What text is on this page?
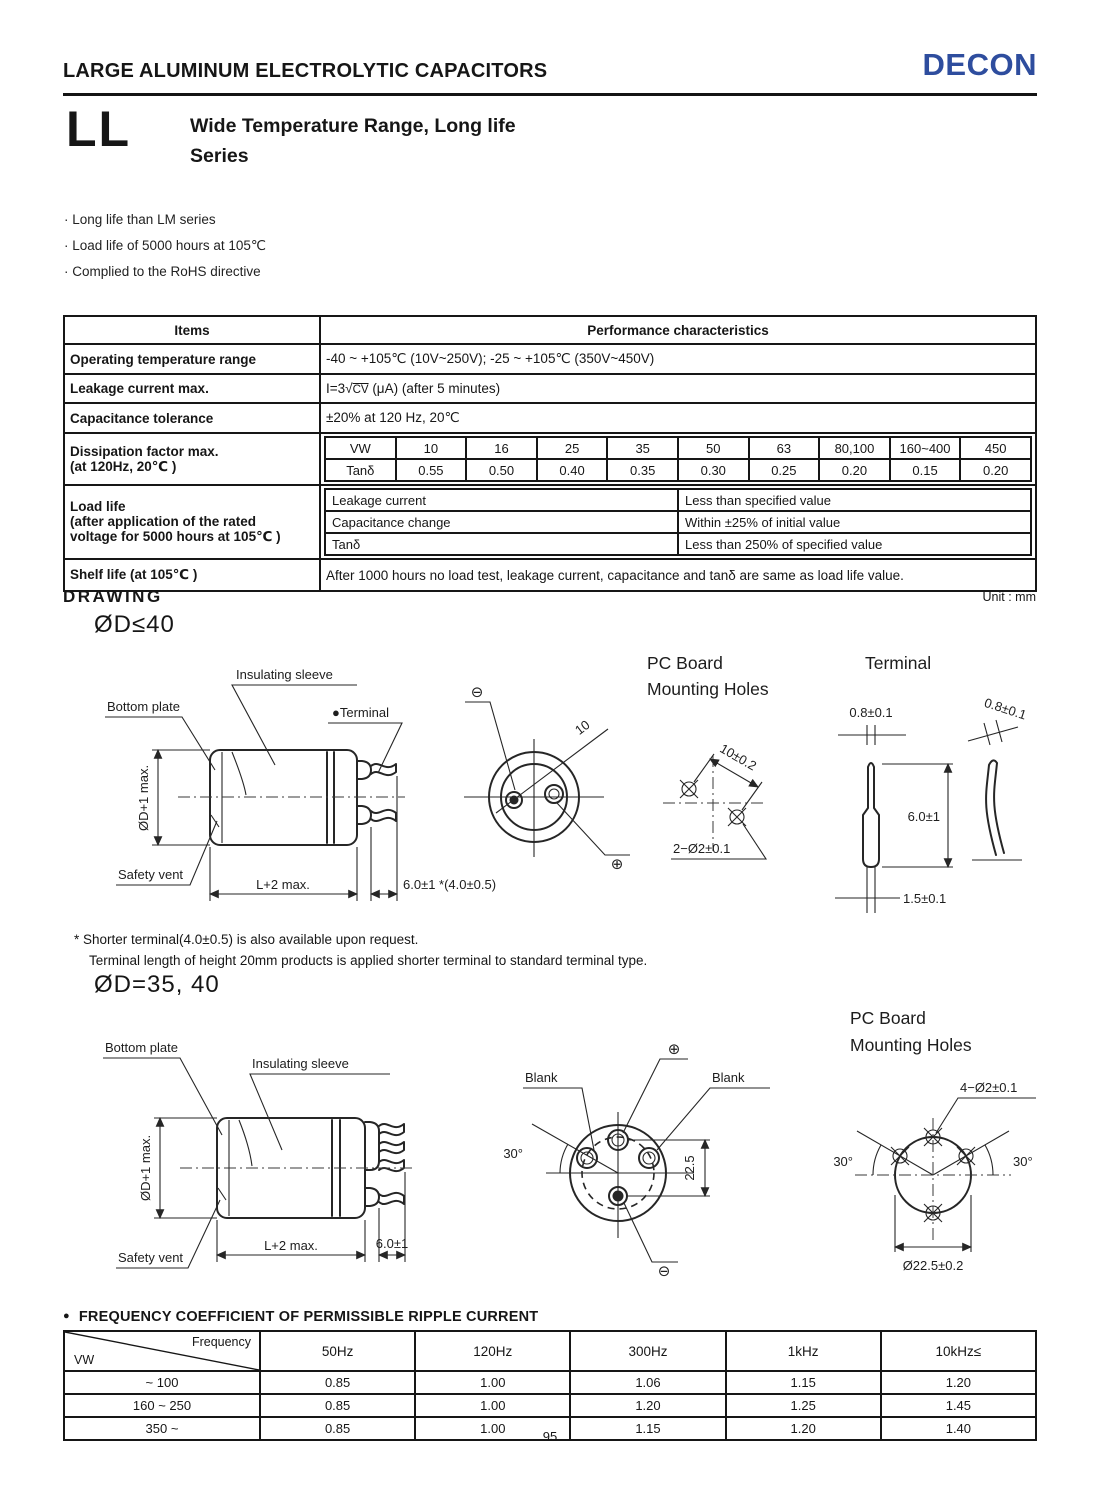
LARGE ALUMINUM ELECTROLYTIC CAPACITORS	DECON
LL	Wide Temperature Range, Long life
Series
· Long life than LM series
· Load life of 5000 hours at 105℃
· Complied to the RoHS directive
Items	Performance characteristics
Operating temperature range	-40 ~ +105℃ (10V~250V); -25 ~ +105℃ (350V~450V)
Leakage current max.	I=3√CV (μA) (after 5 minutes)
Capacitance tolerance	±20% at 120 Hz, 20℃

Dissipation factor max.
(at 120Hz, 20℃ )

VW	10	16	25	35	50	63	80,100	160~400	450
Tanδ	0.55	0.50	0.40	0.35	0.30	0.25	0.20	0.15	0.20

Load life
(after application of the rated
voltage for 5000 hours at 105℃ )

Leakage current	Less than specified value
Capacitance change	Within ±25% of initial value
Tanδ	Less than 250% of specified value

Shelf life (at 105℃ )	After 1000 hours no load test, leakage current, capacitance and tanδ are same as load life value.
DRAWING	Unit : mm
ØD≤40
ØD+1 max.
L+2 max.	6.0±1 *(4.0±0.5)
Insulating sleeve
Bottom plate	●Terminal
Safety vent
10
⊖
⊕
PC Board
Mounting Holes
10±0.2
2−Ø2±0.1
Terminal
0.8±0.1
6.0±1
1.5±0.1
0.8±0.1
* Shorter terminal(4.0±0.5) is also available upon request.
Terminal length of height 20mm products is applied shorter terminal to standard terminal type.
ØD=35, 40
ØD+1 max.
L+2 max.	6.0±1
Bottom plate
Insulating sleeve
Safety vent
30°
Blank	Blank
⊕
⊖
22.5
PC Board
Mounting Holes
30°	30°
4−Ø2±0.1
Ø22.5±0.2
● FREQUENCY COEFFICIENT OF PERMISSIBLE RIPPLE CURRENT
Frequency
VW	50Hz	120Hz	300Hz	1kHz	10kHz≤
~ 100	0.85	1.00	1.06	1.15	1.20
160 ~ 250	0.85	1.00	1.20	1.25	1.45
350 ~	0.85	1.00	1.15	1.20	1.40
95
